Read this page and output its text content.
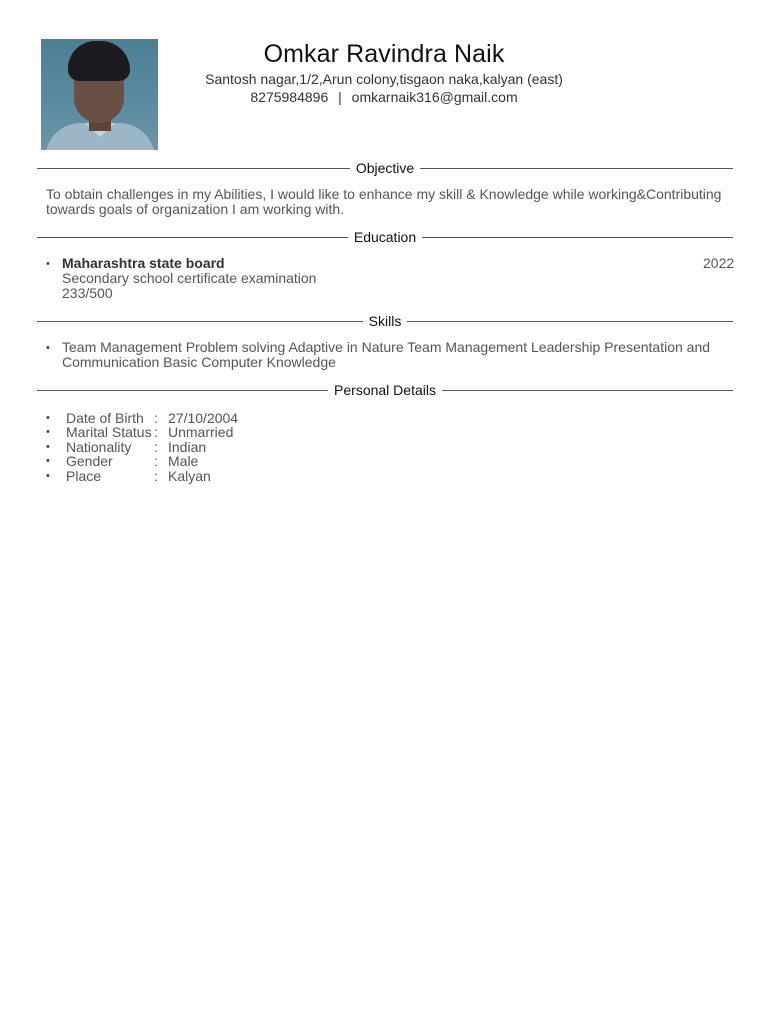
Omkar Ravindra Naik
Santosh nagar,1/2,Arun colony,tisgaon naka,kalyan (east)
8275984896 | omkarnaik316@gmail.com
Objective
To obtain challenges in my Abilities, I would like to enhance my skill & Knowledge while working&Contributing
towards goals of organization I am working with.
Education
• Maharashtra state board	2022
Secondary school certificate examination
233/500
Skills
• Team Management Problem solving Adaptive in Nature Team Management Leadership Presentation and
Communication Basic Computer Knowledge
Personal Details
• Date of Birth : 27/10/2004
• Marital Status : Unmarried
• Nationality : Indian
• Gender	: Male
• Place	: Kalyan
